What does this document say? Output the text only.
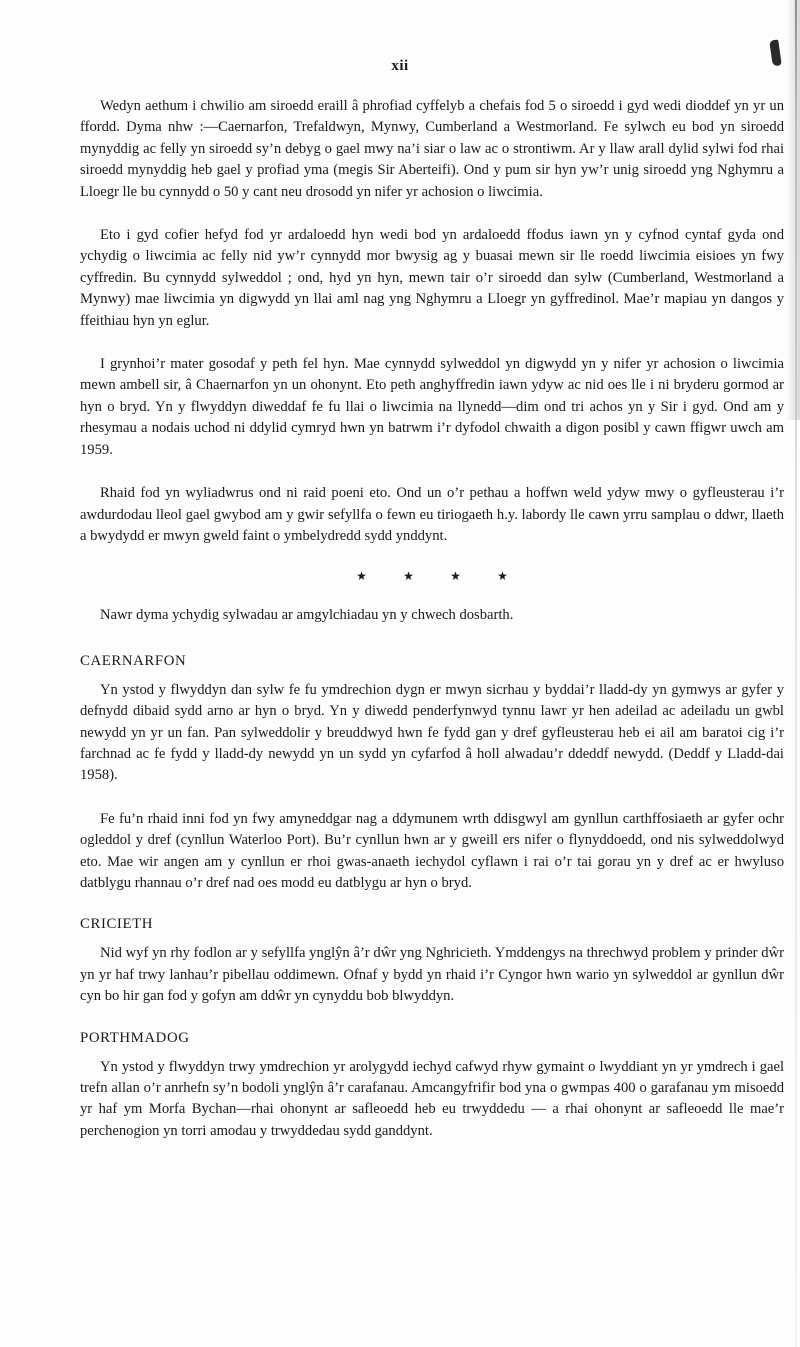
xii

Wedyn aethum i chwilio am siroedd eraill â phrofiad cyffelyb a chefais fod 5 o siroedd i gyd wedi dioddef yn yr un ffordd. Dyma nhw :—Caernarfon, Trefaldwyn, Mynwy, Cumberland a Westmorland. Fe sylwch eu bod yn siroedd mynyddig ac felly yn siroedd sy’n debyg o gael mwy na’i siar o law ac o strontiwm. Ar y llaw arall dylid sylwi fod rhai siroedd mynyddig heb gael y profiad yma (megis Sir Aberteifi). Ond y pum sir hyn yw’r unig siroedd yng Nghymru a Lloegr lle bu cynnydd o 50 y cant neu drosodd yn nifer yr achosion o liwcimia.

Eto i gyd cofier hefyd fod yr ardaloedd hyn wedi bod yn ardaloedd ffodus iawn yn y cyfnod cyntaf gyda ond ychydig o liwcimia ac felly nid yw’r cynnydd mor bwysig ag y buasai mewn sir lle roedd liwcimia eisioes yn fwy cyffredin. Bu cynnydd sylweddol ; ond, hyd yn hyn, mewn tair o’r siroedd dan sylw (Cumberland, Westmorland a Mynwy) mae liwcimia yn digwydd yn llai aml nag yng Nghymru a Lloegr yn gyffredinol. Mae’r mapiau yn dangos y ffeithiau hyn yn eglur.

I grynhoi’r mater gosodaf y peth fel hyn. Mae cynnydd sylweddol yn digwydd yn y nifer yr achosion o liwcimia mewn ambell sir, â Chaernarfon yn un ohonynt. Eto peth anghyffredin iawn ydyw ac nid oes lle i ni bryderu gormod ar hyn o bryd. Yn y flwyddyn diweddaf fe fu llai o liwcimia na llynedd—dim ond tri achos yn y Sir i gyd. Ond am y rhesymau a nodais uchod ni ddylid cymryd hwn yn batrwm i’r dyfodol chwaith a digon posibl y cawn ffigwr uwch am 1959.

Rhaid fod yn wyliadwrus ond ni raid poeni eto. Ond un o’r pethau a hoffwn weld ydyw mwy o gyfleusterau i’r awdurdodau lleol gael gwybod am y gwir sefyllfa o fewn eu tiriogaeth h.y. labordy lle cawn yrru samplau o ddwr, llaeth a bwydydd er mwyn gweld faint o ymbelydredd sydd ynddynt.

★	★	★	★

Nawr dyma ychydig sylwadau ar amgylchiadau yn y chwech dosbarth.

CAERNARFON

Yn ystod y flwyddyn dan sylw fe fu ymdrechion dygn er mwyn sicrhau y byddai’r lladd-dy yn gymwys ar gyfer y defnydd dibaid sydd arno ar hyn o bryd. Yn y diwedd penderfynwyd tynnu lawr yr hen adeilad ac adeiladu un gwbl newydd yn yr un fan. Pan sylweddolir y breuddwyd hwn fe fydd gan y dref gyfleusterau heb ei ail am baratoi cig i’r farchnad ac fe fydd y lladd-dy newydd yn un sydd yn cyfarfod â holl alwadau’r ddeddf newydd. (Deddf y Lladd-dai 1958).

Fe fu’n rhaid inni fod yn fwy amyneddgar nag a ddymunem wrth ddisgwyl am gynllun carthffosiaeth ar gyfer ochr ogleddol y dref (cynllun Waterloo Port). Bu’r cynllun hwn ar y gweill ers nifer o flynyddoedd, ond nis sylweddolwyd eto. Mae wir angen am y cynllun er rhoi gwas-anaeth iechydol cyflawn i rai o’r tai gorau yn y dref ac er hwyluso datblygu rhannau o’r dref nad oes modd eu datblygu ar hyn o bryd.

CRICIETH

Nid wyf yn rhy fodlon ar y sefyllfa ynglŷn â’r dŵr yng Nghricieth. Ymddengys na threchwyd problem y prinder dŵr yn yr haf trwy lanhau’r pibellau oddimewn. Ofnaf y bydd yn rhaid i’r Cyngor hwn wario yn sylweddol ar gynllun dŵr cyn bo hir gan fod y gofyn am ddŵr yn cynyddu bob blwyddyn.

PORTHMADOG

Yn ystod y flwyddyn trwy ymdrechion yr arolygydd iechyd cafwyd rhyw gymaint o lwyddiant yn yr ymdrech i gael trefn allan o’r anrhefn sy’n bodoli ynglŷn â’r carafanau. Amcangyfrifir bod yna o gwmpas 400 o garafanau ym misoedd yr haf ym Morfa Bychan—rhai ohonynt ar safleoedd heb eu trwyddedu — a rhai ohonynt ar safleoedd lle mae’r perchenogion yn torri amodau y trwyddedau sydd ganddynt.
